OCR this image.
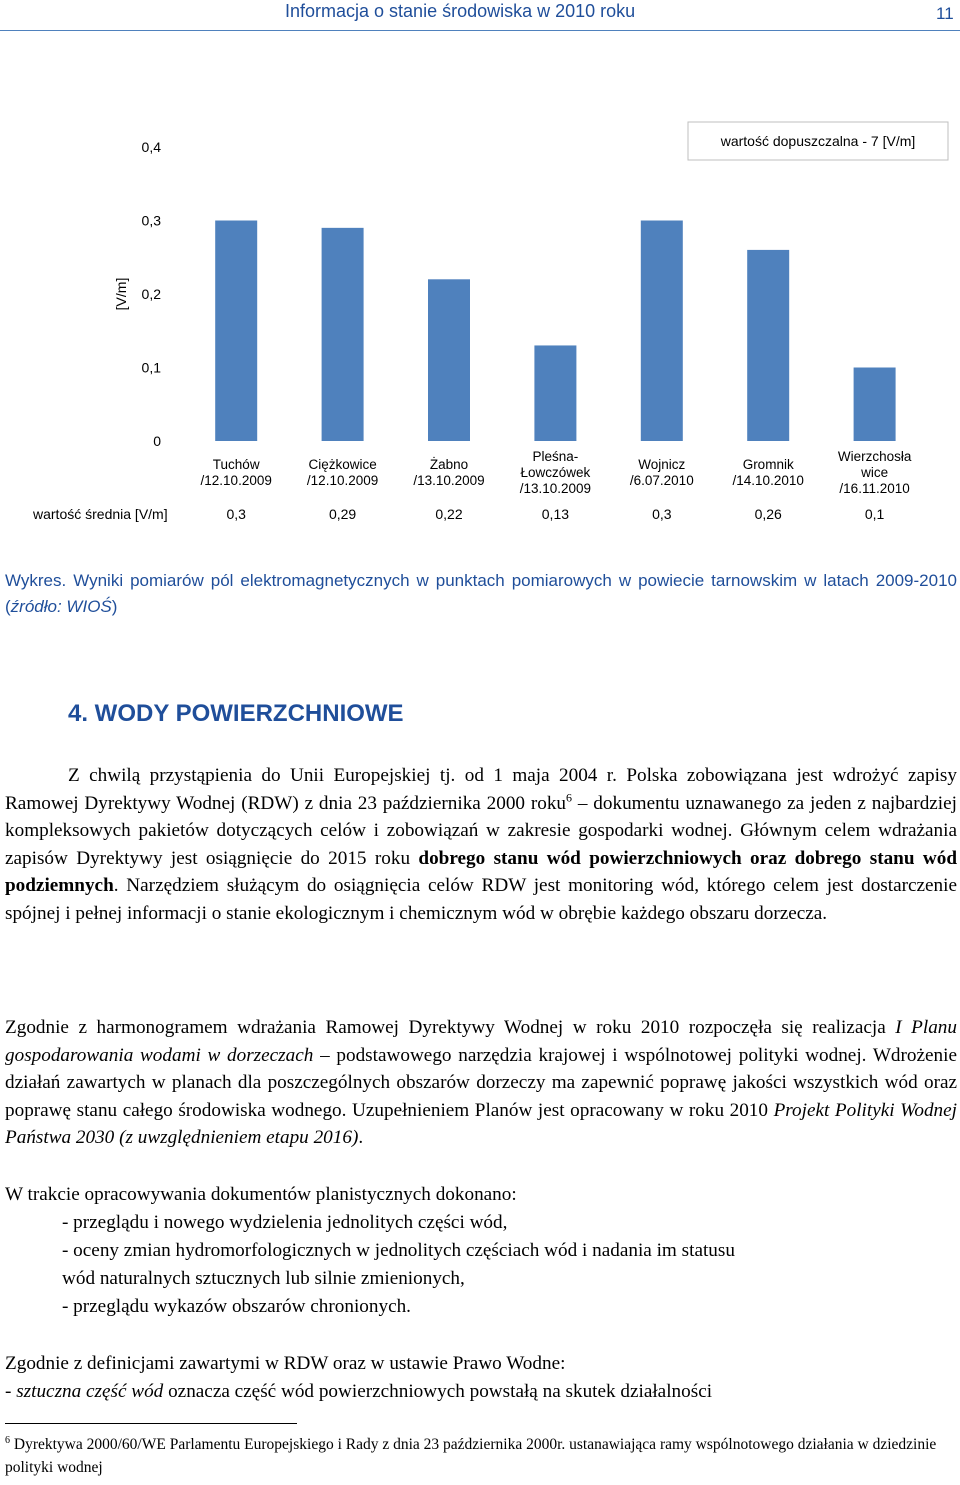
Informacja o stanie środowiska w 2010 roku	11
0
0,1
0,2
0,3
0,4
[V/m]
wartość dopuszczalna - 7 [V/m]
Tuchów
/12.10.2009
Ciężkowice
/12.10.2009
Żabno
/13.10.2009
Pleśna-
Łowczówek
/13.10.2009
Wojnicz
/6.07.2010
Gromnik
/14.10.2010
Wierzchosła
wice
/16.11.2010
wartość średnia [V/m]	0,3	0,29	0,22	0,13	0,3	0,26	0,1
Wykres. Wyniki pomiarów pól elektromagnetycznych w punktach pomiarowych w powiecie tarnowskim w latach 2009-2010 (źródło: WIOŚ)
4. WODY POWIERZCHNIOWE
Z chwilą przystąpienia do Unii Europejskiej tj. od 1 maja 2004 r. Polska zobowiązana jest wdrożyć zapisy Ramowej Dyrektywy Wodnej (RDW) z dnia 23 października 2000 roku$^6$ – dokumentu uznawanego za jeden z najbardziej kompleksowych pakietów dotyczących celów i zobowiązań w zakresie gospodarki wodnej. Głównym celem wdrażania zapisów Dyrektywy jest osiągnięcie do 2015 roku dobrego stanu wód powierzchniowych oraz dobrego stanu wód podziemnych. Narzędziem służącym do osiągnięcia celów RDW jest monitoring wód, którego celem jest dostarczenie spójnej i pełnej informacji o stanie ekologicznym i chemicznym wód w obrębie każdego obszaru dorzecza.
Zgodnie z harmonogramem wdrażania Ramowej Dyrektywy Wodnej w roku 2010 rozpoczęła się realizacja I Planu gospodarowania wodami w dorzeczach – podstawowego narzędzia krajowej i wspólnotowej polityki wodnej. Wdrożenie działań zawartych w planach dla poszczególnych obszarów dorzeczy ma zapewnić poprawę jakości wszystkich wód oraz poprawę stanu całego środowiska wodnego. Uzupełnieniem Planów jest opracowany w roku 2010 Projekt Polityki Wodnej Państwa 2030 (z uwzględnieniem etapu 2016).
W trakcie opracowywania dokumentów planistycznych dokonano:
- przeglądu i nowego wydzielenia jednolitych części wód,
- oceny zmian hydromorfologicznych w jednolitych częściach wód i nadania im statusu
wód naturalnych sztucznych lub silnie zmienionych,
- przeglądu wykazów obszarów chronionych.
Zgodnie z definicjami zawartymi w RDW oraz w ustawie Prawo Wodne:
- sztuczna część wód oznacza część wód powierzchniowych powstałą na skutek działalności
$^6$ Dyrektywa 2000/60/WE Parlamentu Europejskiego i Rady z dnia 23 października 2000r. ustanawiająca ramy wspólnotowego działania w dziedzinie polityki wodnej
